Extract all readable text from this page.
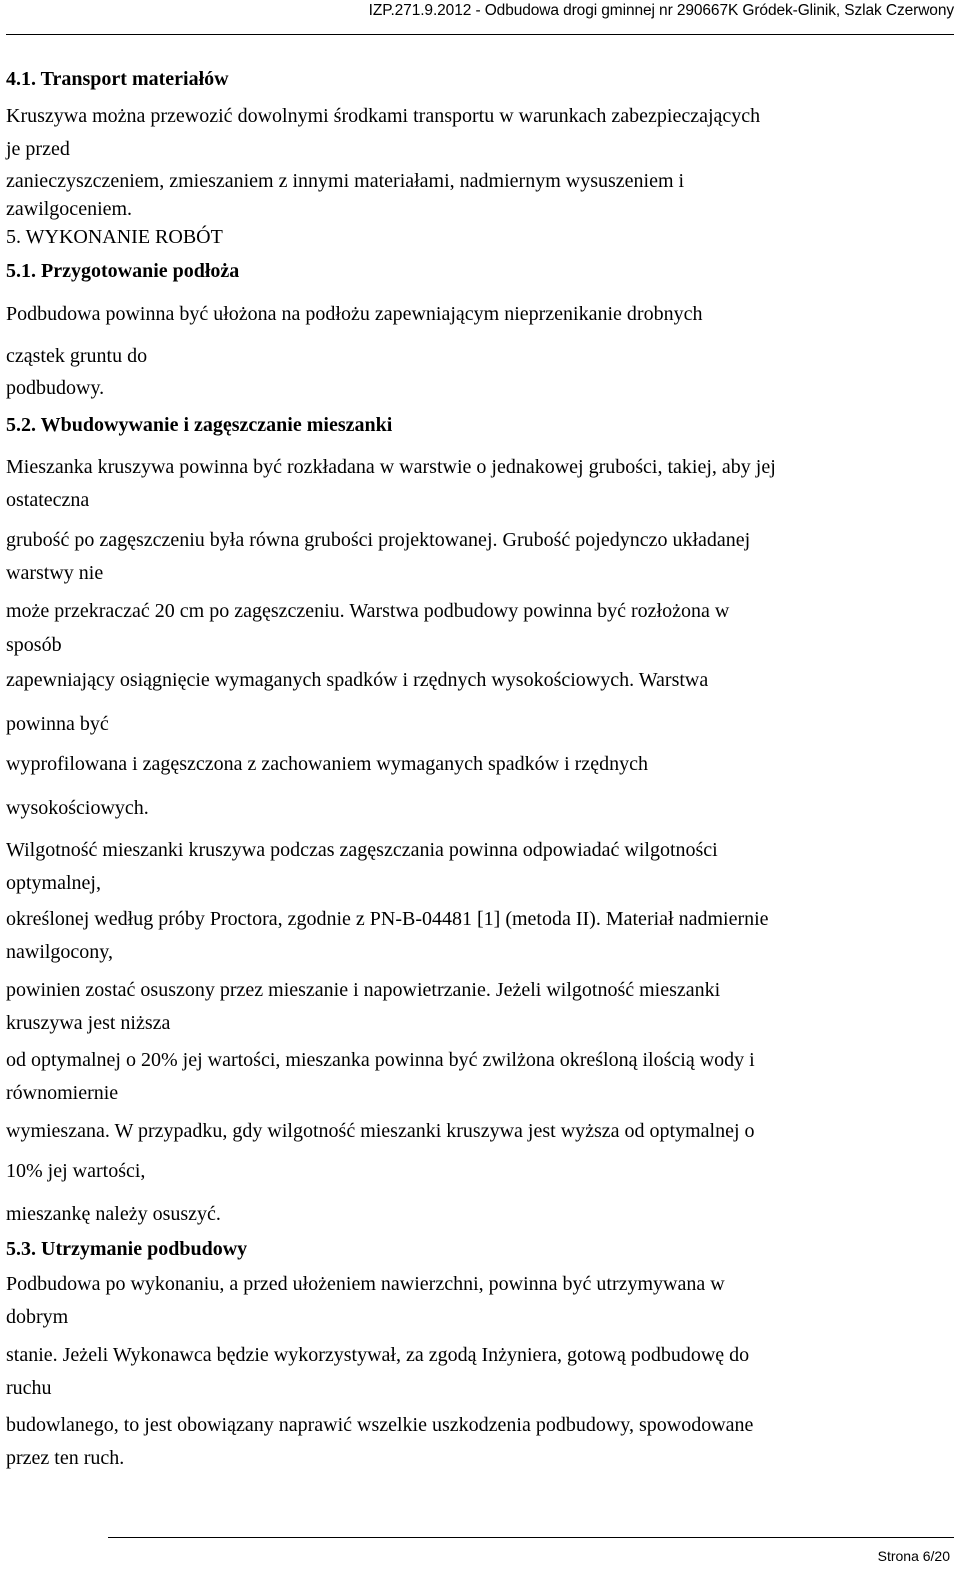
IZP.271.9.2012 - Odbudowa drogi gminnej nr 290667K Gródek-Glinik, Szlak Czerwony
4.1. Transport materiałów
Kruszywa można przewozić dowolnymi środkami transportu w warunkach zabezpieczających
je przed
zanieczyszczeniem, zmieszaniem z innymi materiałami, nadmiernym wysuszeniem i
zawilgoceniem.
5. WYKONANIE ROBÓT
5.1. Przygotowanie podłoża
Podbudowa powinna być ułożona na podłożu zapewniającym nieprzenikanie drobnych
cząstek gruntu do
podbudowy.
5.2. Wbudowywanie i zagęszczanie mieszanki
Mieszanka kruszywa powinna być rozkładana w warstwie o jednakowej grubości, takiej, aby jej
ostateczna
grubość po zagęszczeniu była równa grubości projektowanej. Grubość pojedynczo układanej
warstwy nie
może przekraczać 20 cm po zagęszczeniu. Warstwa podbudowy powinna być rozłożona w
sposób
zapewniający osiągnięcie wymaganych spadków i rzędnych wysokościowych. Warstwa
powinna być
wyprofilowana i zagęszczona z zachowaniem wymaganych spadków i rzędnych
wysokościowych.
Wilgotność mieszanki kruszywa podczas zagęszczania powinna odpowiadać wilgotności
optymalnej,
określonej według próby Proctora, zgodnie z PN-B-04481 [1] (metoda II). Materiał nadmiernie
nawilgocony,
powinien zostać osuszony przez mieszanie i napowietrzanie. Jeżeli wilgotność mieszanki
kruszywa jest niższa
od optymalnej o 20% jej wartości, mieszanka powinna być zwilżona określoną ilością wody i
równomiernie
wymieszana. W przypadku, gdy wilgotność mieszanki kruszywa jest wyższa od optymalnej o
10% jej wartości,
mieszankę należy osuszyć.
5.3. Utrzymanie podbudowy
Podbudowa po wykonaniu, a przed ułożeniem nawierzchni, powinna być utrzymywana w
dobrym
stanie. Jeżeli Wykonawca będzie wykorzystywał, za zgodą Inżyniera, gotową podbudowę do
ruchu
budowlanego, to jest obowiązany naprawić wszelkie uszkodzenia podbudowy, spowodowane
przez ten ruch.
Strona 6/20
